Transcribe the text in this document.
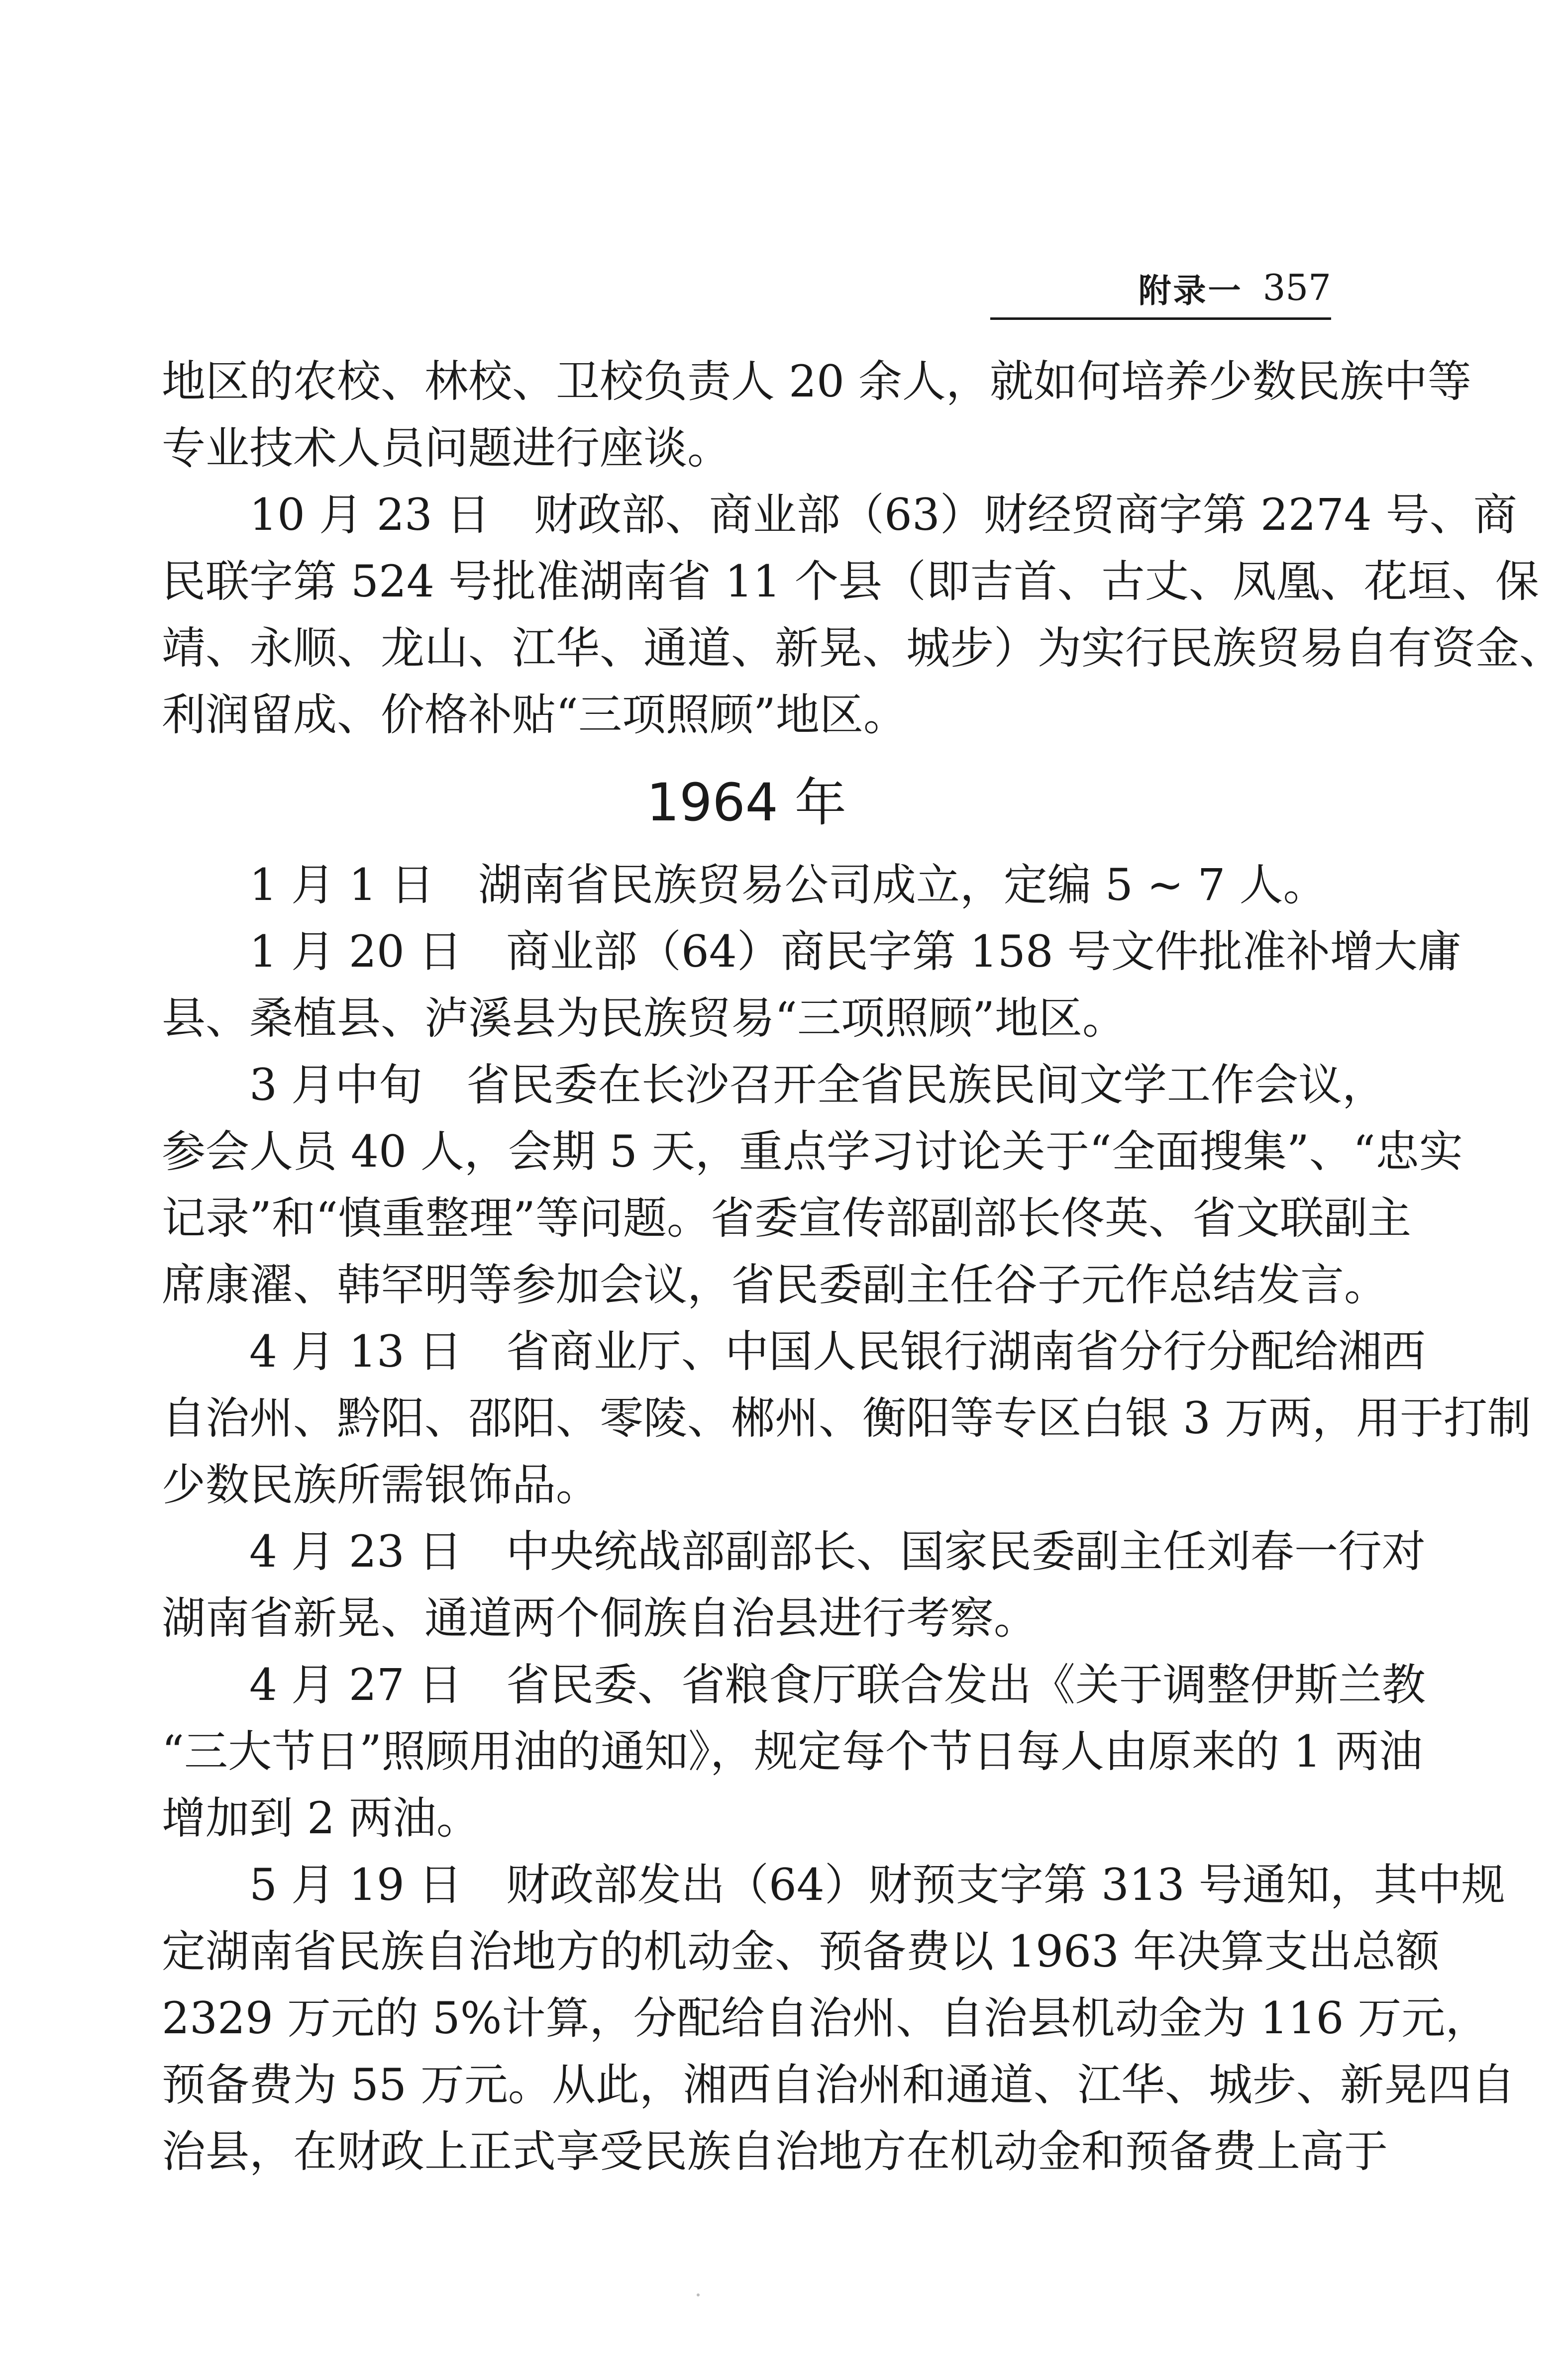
附录一 357
地区的农校、林校、卫校负责人 20 余人，就如何培养少数民族中等
专业技术人员问题进行座谈。
10 月 23 日　财政部、商业部（63）财经贸商字第 2274 号、商
民联字第 524 号批准湖南省 11 个县（即吉首、古丈、凤凰、花垣、保
靖、永顺、龙山、江华、通道、新晃、城步）为实行民族贸易自有资金、
利润留成、价格补贴“三项照顾”地区。
1964 年
1 月 1 日　湖南省民族贸易公司成立，定编 5 ~ 7 人。
1 月 20 日　商业部（64）商民字第 158 号文件批准补增大庸
县、桑植县、泸溪县为民族贸易“三项照顾”地区。
3 月中旬　省民委在长沙召开全省民族民间文学工作会议，
参会人员 40 人，会期 5 天，重点学习讨论关于“全面搜集”、“忠实
记录”和“慎重整理”等问题。省委宣传部副部长佟英、省文联副主
席康濯、韩罕明等参加会议，省民委副主任谷子元作总结发言。
4 月 13 日　省商业厅、中国人民银行湖南省分行分配给湘西
自治州、黔阳、邵阳、零陵、郴州、衡阳等专区白银 3 万两，用于打制
少数民族所需银饰品。
4 月 23 日　中央统战部副部长、国家民委副主任刘春一行对
湖南省新晃、通道两个侗族自治县进行考察。
4 月 27 日　省民委、省粮食厅联合发出《关于调整伊斯兰教
“三大节日”照顾用油的通知》，规定每个节日每人由原来的 1 两油
增加到 2 两油。
5 月 19 日　财政部发出（64）财预支字第 313 号通知，其中规
定湖南省民族自治地方的机动金、预备费以 1963 年决算支出总额
2329 万元的 5%计算，分配给自治州、自治县机动金为 116 万元，
预备费为 55 万元。从此，湘西自治州和通道、江华、城步、新晃四自
治县，在财政上正式享受民族自治地方在机动金和预备费上高于
